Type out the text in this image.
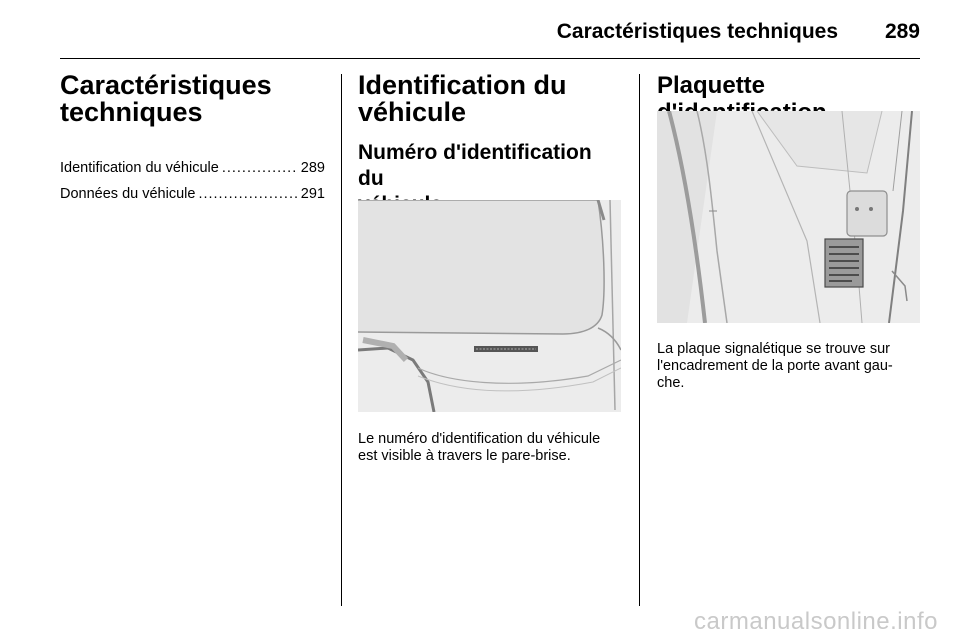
Caractéristiques techniques 289
Caractéristiques
techniques
Identification du véhicule .....	289
Données du véhicule .....	291
Identification du
véhicule
Numéro d'identification du

Le numéro d'identification du véhicule
est visible à travers le pare-brise.
Plaquette
La plaque signalétique se trouve sur
l'encadrement de la porte avant gau-
che.
carmanualsonline.info
